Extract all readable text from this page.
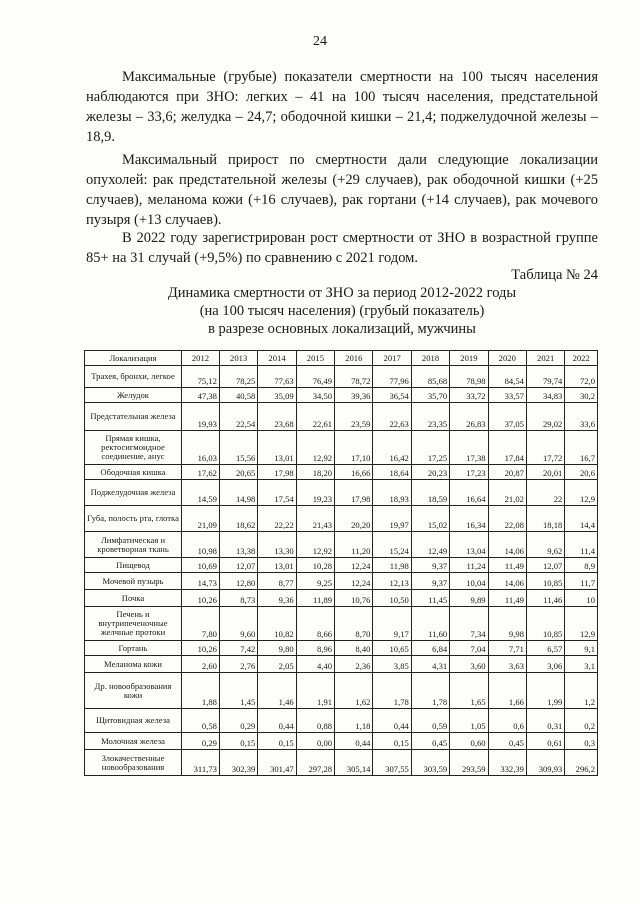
24

Максимальные (грубые) показатели смертности на 100 тысяч населения наблюдаются при ЗНО: легких – 41 на 100 тысяч населения, предстательной железы – 33,6; желудка – 24,7; ободочной кишки – 21,4; поджелудочной железы – 18,9.

Максимальный прирост по смертности дали следующие локализации опухолей: рак предстательной железы (+29 случаев), рак ободочной кишки (+25 случаев), меланома кожи (+16 случаев), рак гортани (+14 случаев), рак мочевого пузыря (+13 случаев).

В 2022 году зарегистрирован рост смертности от ЗНО в возрастной группе 85+ на 31 случай (+9,5%) по сравнению с 2021 годом.

Таблица № 24
Динамика смертности от ЗНО за период 2012-2022 годы
(на 100 тысяч населения) (грубый показатель)
в разрезе основных локализаций, мужчины
Локализация	2012	2013	2014	2015	2016	2017	2018	2019	2020	2021	2022
Трахея, бронхи, легкое	75,12	78,25	77,63	76,49	78,72	77,96	85,68	78,98	84,54	79,74	72,0
Желудок	47,38	40,58	35,09	34,50	39,36	36,54	35,70	33,72	33,57	34,83	30,2
Предстательная железа	19,93	22,54	23,68	22,61	23,59	22,63	23,35	26,83	37,05	29,02	33,6
Прямая кишка, ректосигмоидное соединение, анус	16,03	15,56	13,01	12,92	17,10	16,42	17,25	17,38	17,84	17,72	16,7
Ободочная кишка	17,62	20,65	17,98	18,20	16,66	18,64	20,23	17,23	20,87	20,01	20,6
Поджелудочная железа	14,59	14,98	17,54	19,23	17,98	18,93	18,59	16,64	21,02	22	12,9
Губа, полость рта, глотка	21,09	18,62	22,22	21,43	20,20	19,97	15,02	16,34	22,08	18,18	14,4
Лимфатическая и кроветворная ткань	10,98	13,38	13,30	12,92	11,20	15,24	12,49	13,04	14,06	9,62	11,4
Пищевод	10,69	12,07	13,01	10,28	12,24	11,98	9,37	11,24	11,49	12,07	8,9
Мочевой пузырь	14,73	12,80	8,77	9,25	12,24	12,13	9,37	10,04	14,06	10,85	11,7
Почка	10,26	8,73	9,36	11,89	10,76	10,50	11,45	9,89	11,49	11,46	10
Печень и внутрипеченочные желчные протоки	7,80	9,60	10,82	8,66	8,70	9,17	11,60	7,34	9,98	10,85	12,9
Гортань	10,26	7,42	9,80	8,96	8,40	10,65	6,84	7,04	7,71	6,57	9,1
Меланома кожи	2,60	2,76	2,05	4,40	2,36	3,85	4,31	3,60	3,63	3,06	3,1
Др. новообразования кожи	1,88	1,45	1,46	1,91	1,62	1,78	1,78	1,65	1,66	1,99	1,2
Щитовидная железа	0,58	0,29	0,44	0,88	1,18	0,44	0,59	1,05	0,6	0,31	0,2
Молочная железа	0,29	0,15	0,15	0,00	0,44	0,15	0,45	0,60	0,45	0,61	0,3
Злокачественные новообразования	311,73	302,39	301,47	297,28	305,14	307,55	303,59	293,59	332,39	309,93	296,2
